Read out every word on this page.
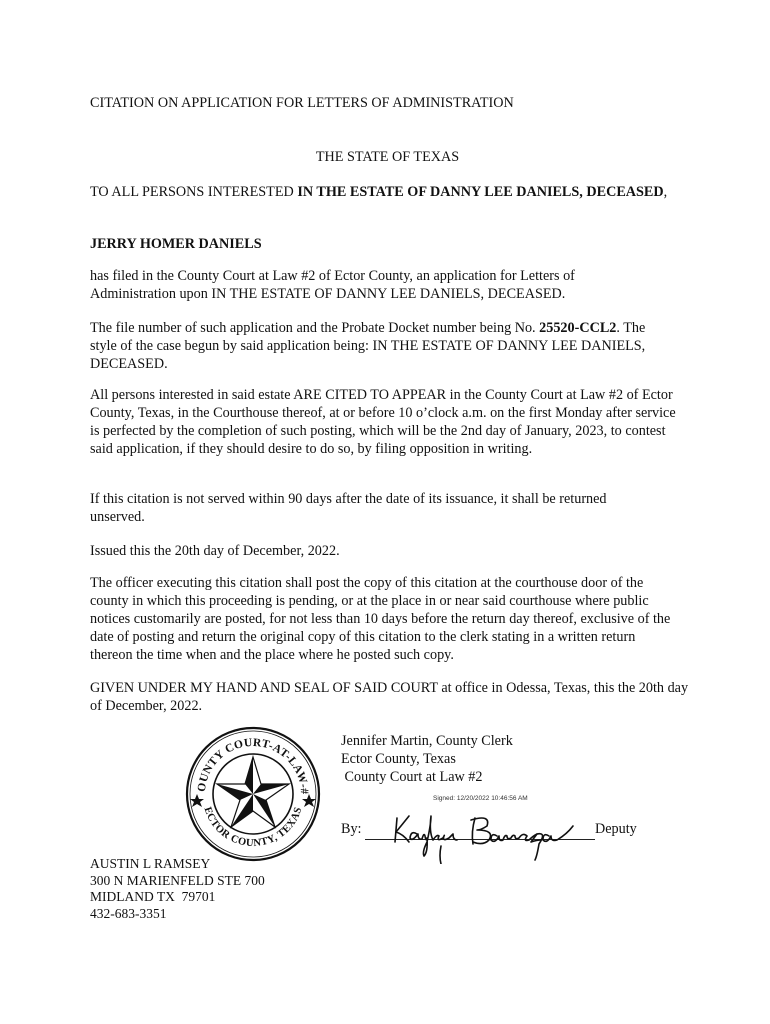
CITATION ON APPLICATION FOR LETTERS OF ADMINISTRATION
THE STATE OF TEXAS
TO ALL PERSONS INTERESTED IN THE ESTATE OF DANNY LEE DANIELS, DECEASED,
JERRY HOMER DANIELS
has filed in the County Court at Law #2 of Ector County, an application for Letters of Administration upon IN THE ESTATE OF DANNY LEE DANIELS, DECEASED.
The file number of such application and the Probate Docket number being No. 25520-CCL2. The style of the case begun by said application being: IN THE ESTATE OF DANNY LEE DANIELS, DECEASED.
All persons interested in said estate ARE CITED TO APPEAR in the County Court at Law #2 of Ector County, Texas, in the Courthouse thereof, at or before 10 o’clock a.m. on the first Monday after service is perfected by the completion of such posting, which will be the 2nd day of January, 2023, to contest said application, if they should desire to do so, by filing opposition in writing.
If this citation is not served within 90 days after the date of its issuance, it shall be returned unserved.
Issued this the 20th day of December, 2022.
The officer executing this citation shall post the copy of this citation at the courthouse door of the county in which this proceeding is pending, or at the place in or near said courthouse where public notices customarily are posted, for not less than 10 days before the return day thereof, exclusive of the date of posting and return the original copy of this citation to the clerk stating in a written return thereon the time when and the place where he posted such copy.
GIVEN UNDER MY HAND AND SEAL OF SAID COURT at office in Odessa, Texas, this the 20th day of December, 2022.
OUNTY COURT-AT-LAW-#
ECTOR COUNTY, TEXAS
Jennifer Martin, County Clerk
Ector County, Texas
County Court at Law #2
Signed: 12/20/2022 10:46:56 AM
By:	Deputy
AUSTIN L RAMSEY
300 N MARIENFELD STE 700
MIDLAND TX  79701
432-683-3351
